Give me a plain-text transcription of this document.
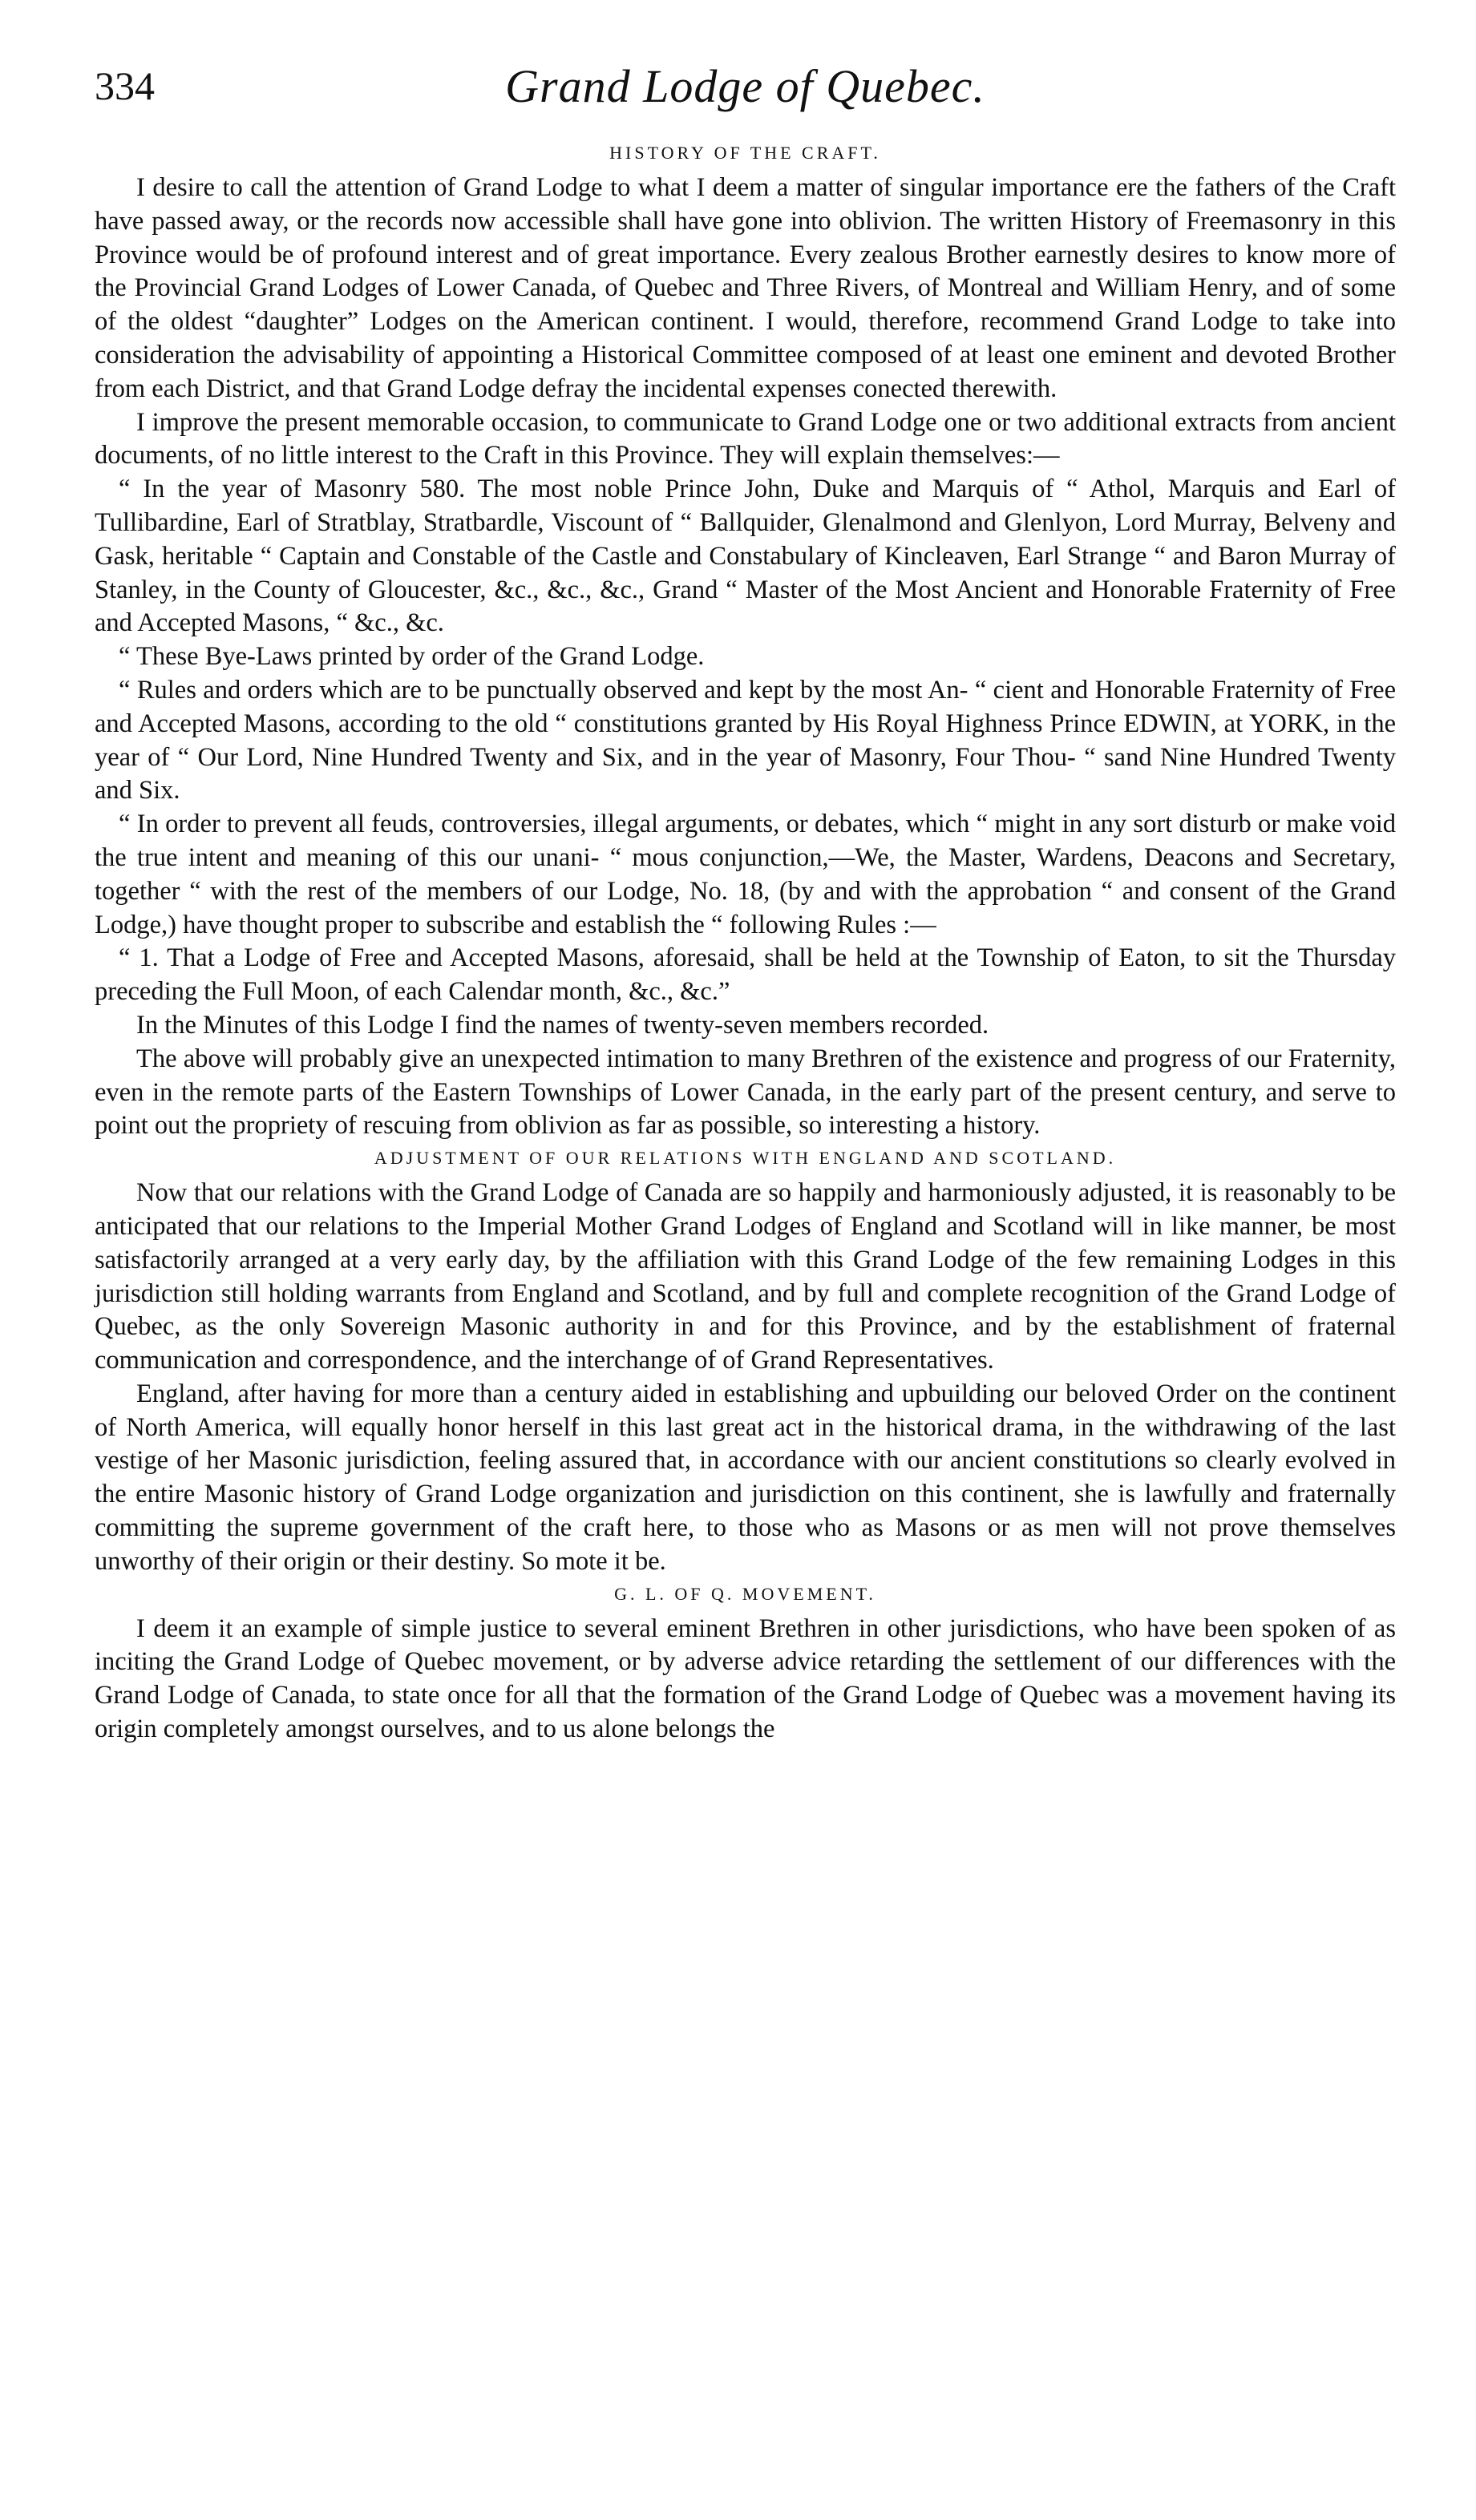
334	Grand Lodge of Quebec.
HISTORY OF THE CRAFT.

I desire to call the attention of Grand Lodge to what I deem a matter of singular importance ere the fathers of the Craft have passed away, or the records now accessible shall have gone into oblivion. The written History of Freemasonry in this Province would be of profound interest and of great importance. Every zealous Brother earnestly desires to know more of the Provincial Grand Lodges of Lower Canada, of Quebec and Three Rivers, of Montreal and William Henry, and of some of the oldest “daughter” Lodges on the American continent. I would, therefore, recommend Grand Lodge to take into consideration the advisability of appointing a Historical Committee composed of at least one eminent and devoted Brother from each District, and that Grand Lodge defray the incidental expenses conected therewith.

I improve the present memorable occasion, to communicate to Grand Lodge one or two additional extracts from ancient documents, of no little interest to the Craft in this Province. They will explain themselves:—

“ In the year of Masonry 580. The most noble Prince John, Duke and Marquis of “ Athol, Marquis and Earl of Tullibardine, Earl of Stratblay, Stratbardle, Viscount of “ Ballquider, Glenalmond and Glenlyon, Lord Murray, Belveny and Gask, heritable “ Captain and Constable of the Castle and Constabulary of Kincleaven, Earl Strange “ and Baron Murray of Stanley, in the County of Gloucester, &c., &c., &c., Grand “ Master of the Most Ancient and Honorable Fraternity of Free and Accepted Masons, “ &c., &c.

“ These Bye-Laws printed by order of the Grand Lodge.

“ Rules and orders which are to be punctually observed and kept by the most An- “ cient and Honorable Fraternity of Free and Accepted Masons, according to the old “ constitutions granted by His Royal Highness Prince EDWIN, at YORK, in the year of “ Our Lord, Nine Hundred Twenty and Six, and in the year of Masonry, Four Thou- “ sand Nine Hundred Twenty and Six.

“ In order to prevent all feuds, controversies, illegal arguments, or debates, which “ might in any sort disturb or make void the true intent and meaning of this our unani- “ mous conjunction,—We, the Master, Wardens, Deacons and Secretary, together “ with the rest of the members of our Lodge, No. 18, (by and with the approbation “ and consent of the Grand Lodge,) have thought proper to subscribe and establish the “ following Rules :—

“ 1. That a Lodge of Free and Accepted Masons, aforesaid, shall be held at the Township of Eaton, to sit the Thursday preceding the Full Moon, of each Calendar month, &c., &c.”

In the Minutes of this Lodge I find the names of twenty-seven members recorded.

The above will probably give an unexpected intimation to many Brethren of the existence and progress of our Fraternity, even in the remote parts of the Eastern Townships of Lower Canada, in the early part of the present century, and serve to point out the propriety of rescuing from oblivion as far as possible, so interesting a history.

ADJUSTMENT OF OUR RELATIONS WITH ENGLAND AND SCOTLAND.

Now that our relations with the Grand Lodge of Canada are so happily and harmoniously adjusted, it is reasonably to be anticipated that our relations to the Imperial Mother Grand Lodges of England and Scotland will in like manner, be most satisfactorily arranged at a very early day, by the affiliation with this Grand Lodge of the few remaining Lodges in this jurisdiction still holding warrants from England and Scotland, and by full and complete recognition of the Grand Lodge of Quebec, as the only Sovereign Masonic authority in and for this Province, and by the establishment of fraternal communication and correspondence, and the interchange of of Grand Representatives.

England, after having for more than a century aided in establishing and upbuilding our beloved Order on the continent of North America, will equally honor herself in this last great act in the historical drama, in the withdrawing of the last vestige of her Masonic jurisdiction, feeling assured that, in accordance with our ancient constitutions so clearly evolved in the entire Masonic history of Grand Lodge organization and jurisdiction on this continent, she is lawfully and fraternally committing the supreme government of the craft here, to those who as Masons or as men will not prove themselves unworthy of their origin or their destiny. So mote it be.

G. L. OF Q. MOVEMENT.

I deem it an example of simple justice to several eminent Brethren in other jurisdictions, who have been spoken of as inciting the Grand Lodge of Quebec movement, or by adverse advice retarding the settlement of our differences with the Grand Lodge of Canada, to state once for all that the formation of the Grand Lodge of Quebec was a movement having its origin completely amongst ourselves, and to us alone belongs the
